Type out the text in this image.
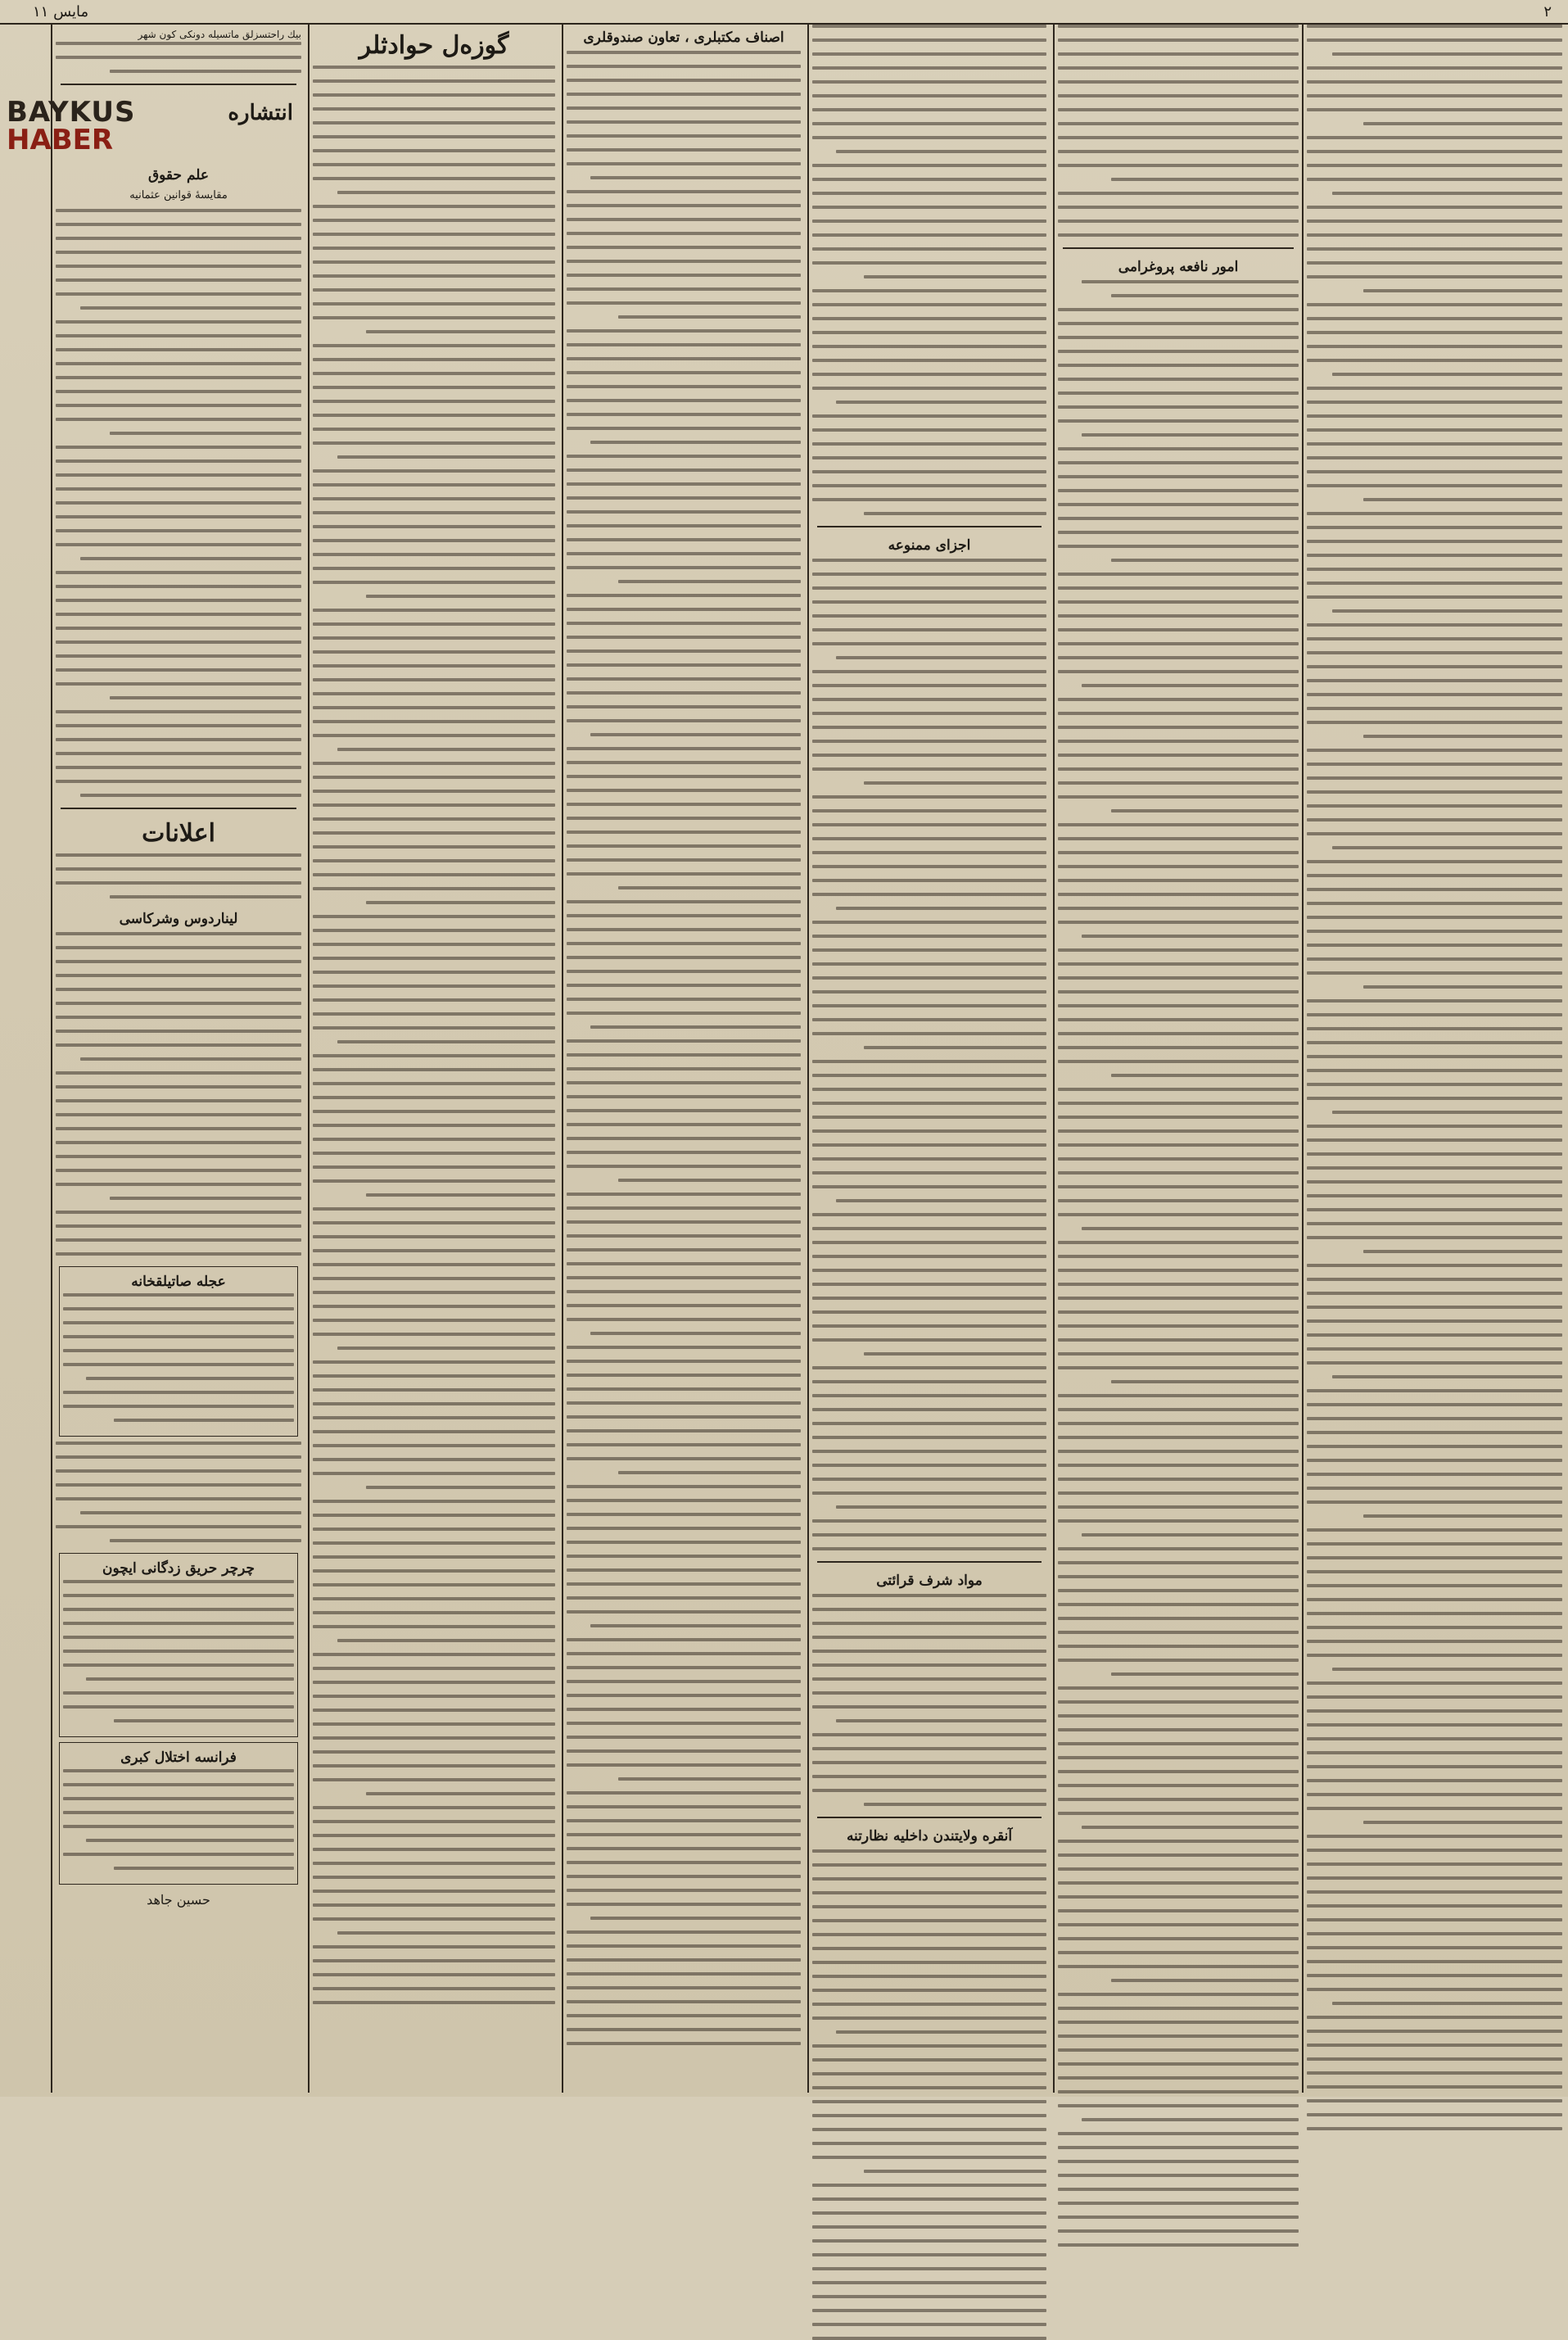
مايس ۱۱	۲
امور نافعه پروغرامى
اجزاى ممنوعه
مواد شرف قرائتى
آنقره ولايتندن داخليه نظارتنه
اصناف مكتبلرى ، تعاون صندوقلرى
گوزه‌ل حوادثلر
بيك راحتسزلق ماتسيله دونكى كون شهر
انتشاره
BAYKUS
HABER
علم حقوق
مقايسهٔ قوانين عثمانيه
اعلانات
ليناردوس وشركاسى
عجله صاتيلقخانه
چرچر حريق زدگانى ايچون
فرانسه اختلال كبرى
حسين جاهد
